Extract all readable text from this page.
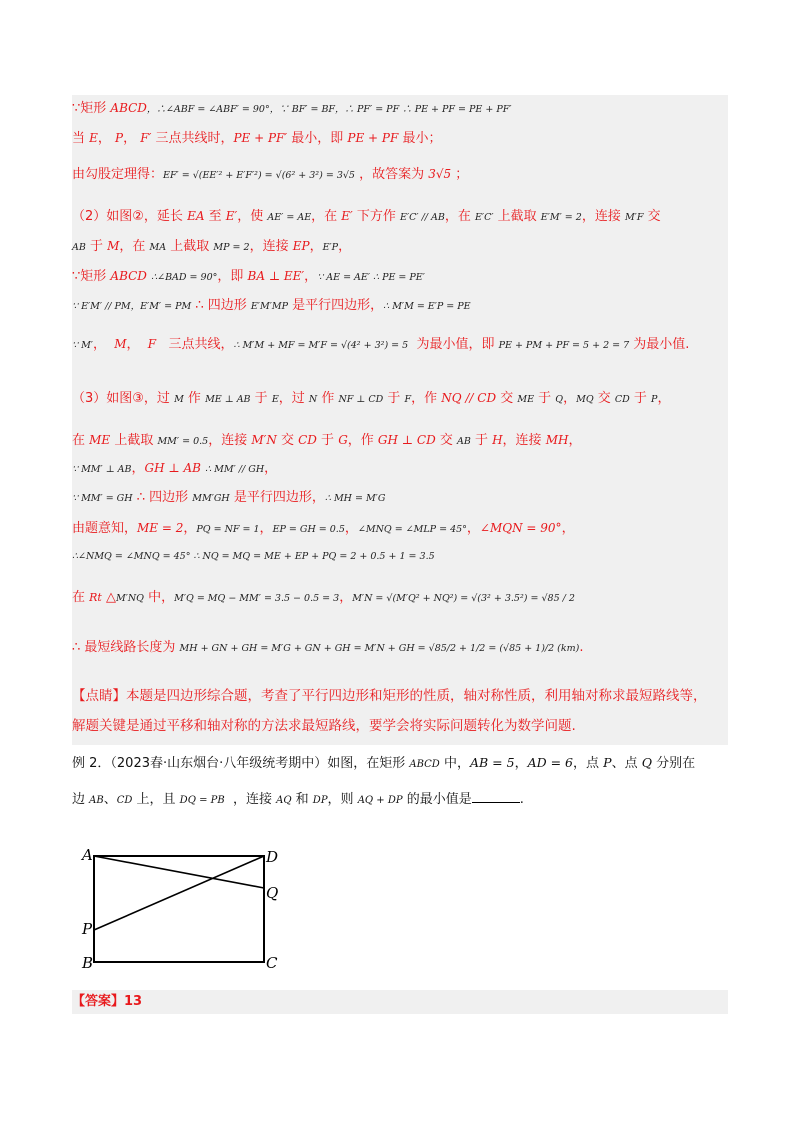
∵矩形 ABCD，∴∠ABF = ∠ABF′ = 90°，∵ BF′ = BF，∴ PF′ = PF ∴ PE + PF = PE + PF′
当 E， P， F′ 三点共线时，PE + PF′ 最小，即 PE + PF 最小；
由勾股定理得：EF′ = √(EE′² + E′F′²) = √(6² + 3²) = 3√5 ，故答案为 3√5 ；
（2）如图②，延长 EA 至 E′，使 AE′ = AE，在 E′ 下方作 E′C′ // AB，在 E′C′ 上截取 E′M′ = 2，连接 M′F 交
AB 于 M，在 MA 上截取 MP = 2，连接 EP，E′P，
∵矩形 ABCD ∴∠BAD = 90°，即 BA ⊥ EE′，∵ AE = AE′ ∴ PE = PE′
∵ E′M′ // PM，E′M′ = PM ∴ 四边形 E′M′MP 是平行四边形，∴ M′M = E′P = PE
∵ M′，  M，  F   三点共线，∴ M′M + MF = M′F = √(4² + 3²) = 5  为最小值，即 PE + PM + PF = 5 + 2 = 7 为最小值.
（3）如图③，过 M 作 ME ⊥ AB 于 E，过 N 作 NF ⊥ CD 于 F，作 NQ // CD 交 ME 于 Q，MQ 交 CD 于 P，
在 ME 上截取 MM′ = 0.5，连接 M′N 交 CD 于 G，作 GH ⊥ CD 交 AB 于 H，连接 MH，
∵ MM′ ⊥ AB，GH ⊥ AB ∴ MM′ // GH，
∵ MM′ = GH ∴ 四边形 MM′GH 是平行四边形，∴ MH = M′G
由题意知，ME = 2，PQ = NF = 1，EP = GH = 0.5，∠MNQ = ∠MLP = 45°，∠MQN = 90°，
∴∠NMQ = ∠MNQ = 45° ∴ NQ = MQ = ME + EP + PQ = 2 + 0.5 + 1 = 3.5
在 Rt △M′NQ 中，M′Q = MQ − MM′ = 3.5 − 0.5 = 3，M′N = √(M′Q² + NQ²) = √(3² + 3.5²) = √85 / 2
∴ 最短线路长度为 MH + GN + GH = M′G + GN + GH = M′N + GH = √85/2 + 1/2 = (√85 + 1)/2 (km).
【点睛】本题是四边形综合题，考查了平行四边形和矩形的性质，轴对称性质，利用轴对称求最短路线等，
解题关键是通过平移和轴对称的方法求最短路线，要学会将实际问题转化为数学问题.
例 2．（2023春·山东烟台·八年级统考期中）如图，在矩形 ABCD 中，AB = 5，AD = 6，点 P、点 Q 分别在
边 AB、CD 上，且 DQ = PB  ，连接 AQ 和 DP，则 AQ + DP 的最小值是	.
A
B
D
C
P
Q
【答案】13
